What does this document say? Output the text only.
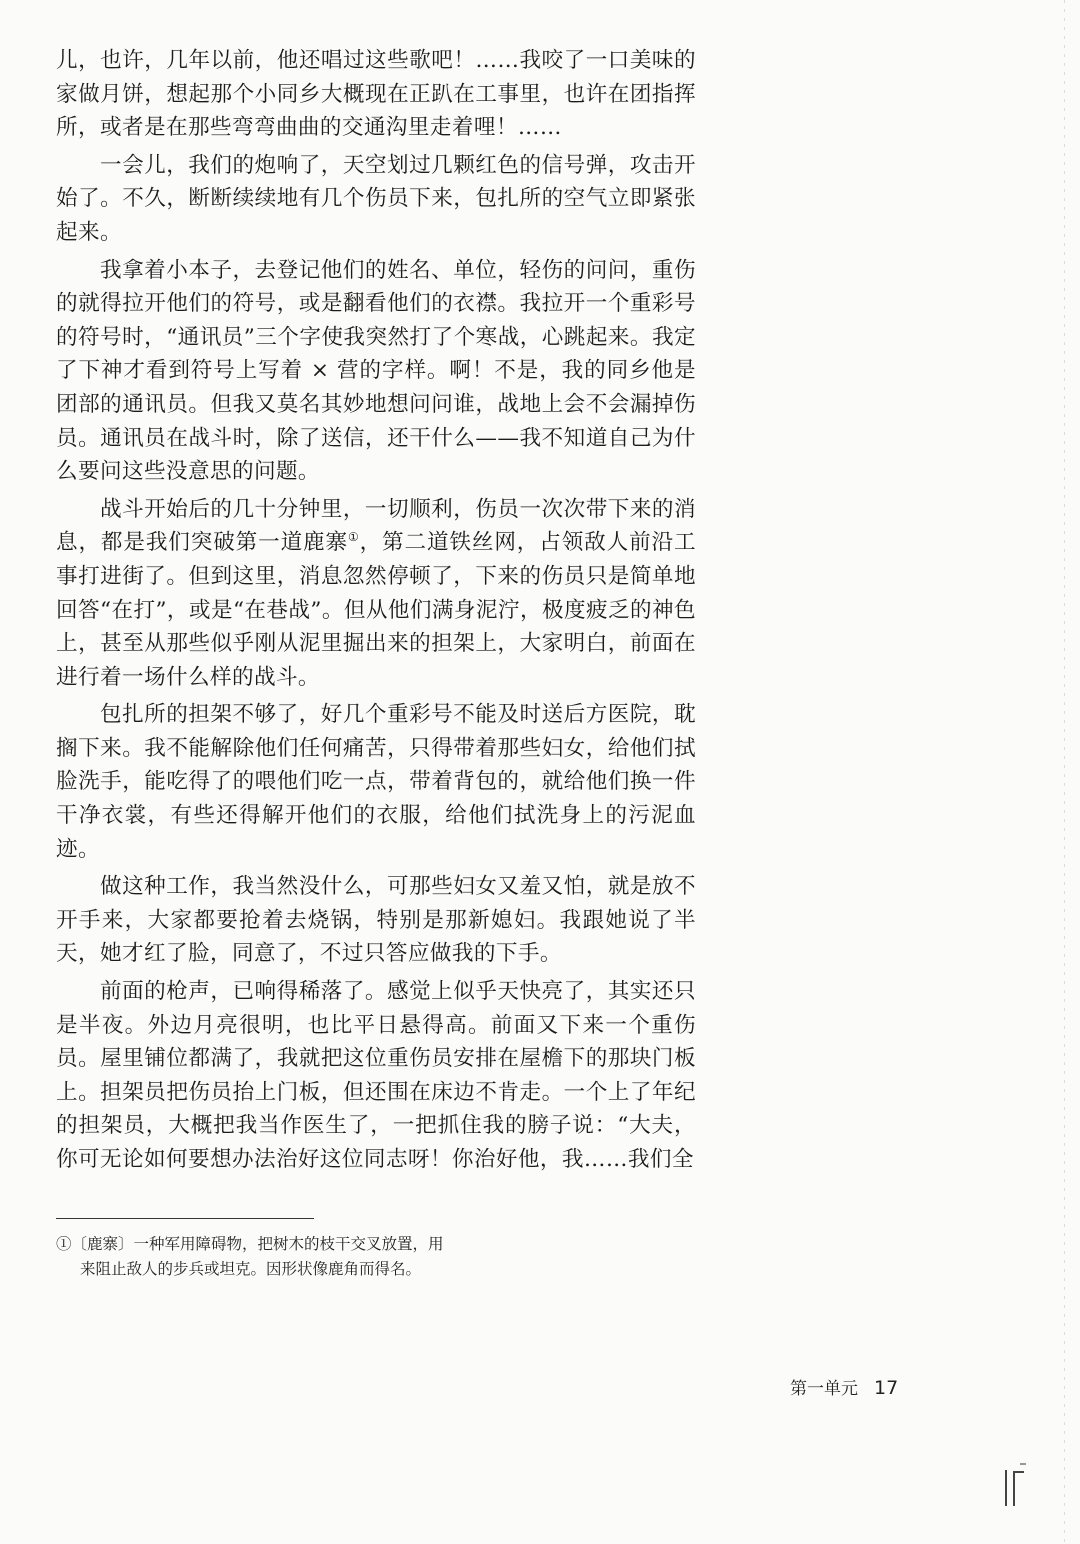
儿，也许，几年以前，他还唱过这些歌吧！……我咬了一口美味的家做月饼，想起那个小同乡大概现在正趴在工事里，也许在团指挥所，或者是在那些弯弯曲曲的交通沟里走着哩！……

一会儿，我们的炮响了，天空划过几颗红色的信号弹，攻击开始了。不久，断断续续地有几个伤员下来，包扎所的空气立即紧张起来。

我拿着小本子，去登记他们的姓名、单位，轻伤的问问，重伤的就得拉开他们的符号，或是翻看他们的衣襟。我拉开一个重彩号的符号时，“通讯员”三个字使我突然打了个寒战，心跳起来。我定了下神才看到符号上写着 × 营的字样。啊！不是，我的同乡他是团部的通讯员。但我又莫名其妙地想问问谁，战地上会不会漏掉伤员。通讯员在战斗时，除了送信，还干什么——我不知道自己为什么要问这些没意思的问题。

战斗开始后的几十分钟里，一切顺利，伤员一次次带下来的消息，都是我们突破第一道鹿寨①，第二道铁丝网，占领敌人前沿工事打进街了。但到这里，消息忽然停顿了，下来的伤员只是简单地回答“在打”，或是“在巷战”。但从他们满身泥泞，极度疲乏的神色上，甚至从那些似乎刚从泥里掘出来的担架上，大家明白，前面在进行着一场什么样的战斗。

包扎所的担架不够了，好几个重彩号不能及时送后方医院，耽搁下来。我不能解除他们任何痛苦，只得带着那些妇女，给他们拭脸洗手，能吃得了的喂他们吃一点，带着背包的，就给他们换一件干净衣裳，有些还得解开他们的衣服，给他们拭洗身上的污泥血迹。

做这种工作，我当然没什么，可那些妇女又羞又怕，就是放不开手来，大家都要抢着去烧锅，特别是那新媳妇。我跟她说了半天，她才红了脸，同意了，不过只答应做我的下手。

前面的枪声，已响得稀落了。感觉上似乎天快亮了，其实还只是半夜。外边月亮很明，也比平日悬得高。前面又下来一个重伤员。屋里铺位都满了，我就把这位重伤员安排在屋檐下的那块门板上。担架员把伤员抬上门板，但还围在床边不肯走。一个上了年纪的担架员，大概把我当作医生了，一把抓住我的膀子说：“大夫，你可无论如何要想办法治好这位同志呀！你治好他，我……我们全

①〔鹿寨〕一种军用障碍物，把树木的枝干交叉放置，用来阻止敌人的步兵或坦克。因形状像鹿角而得名。
第一单元 17
